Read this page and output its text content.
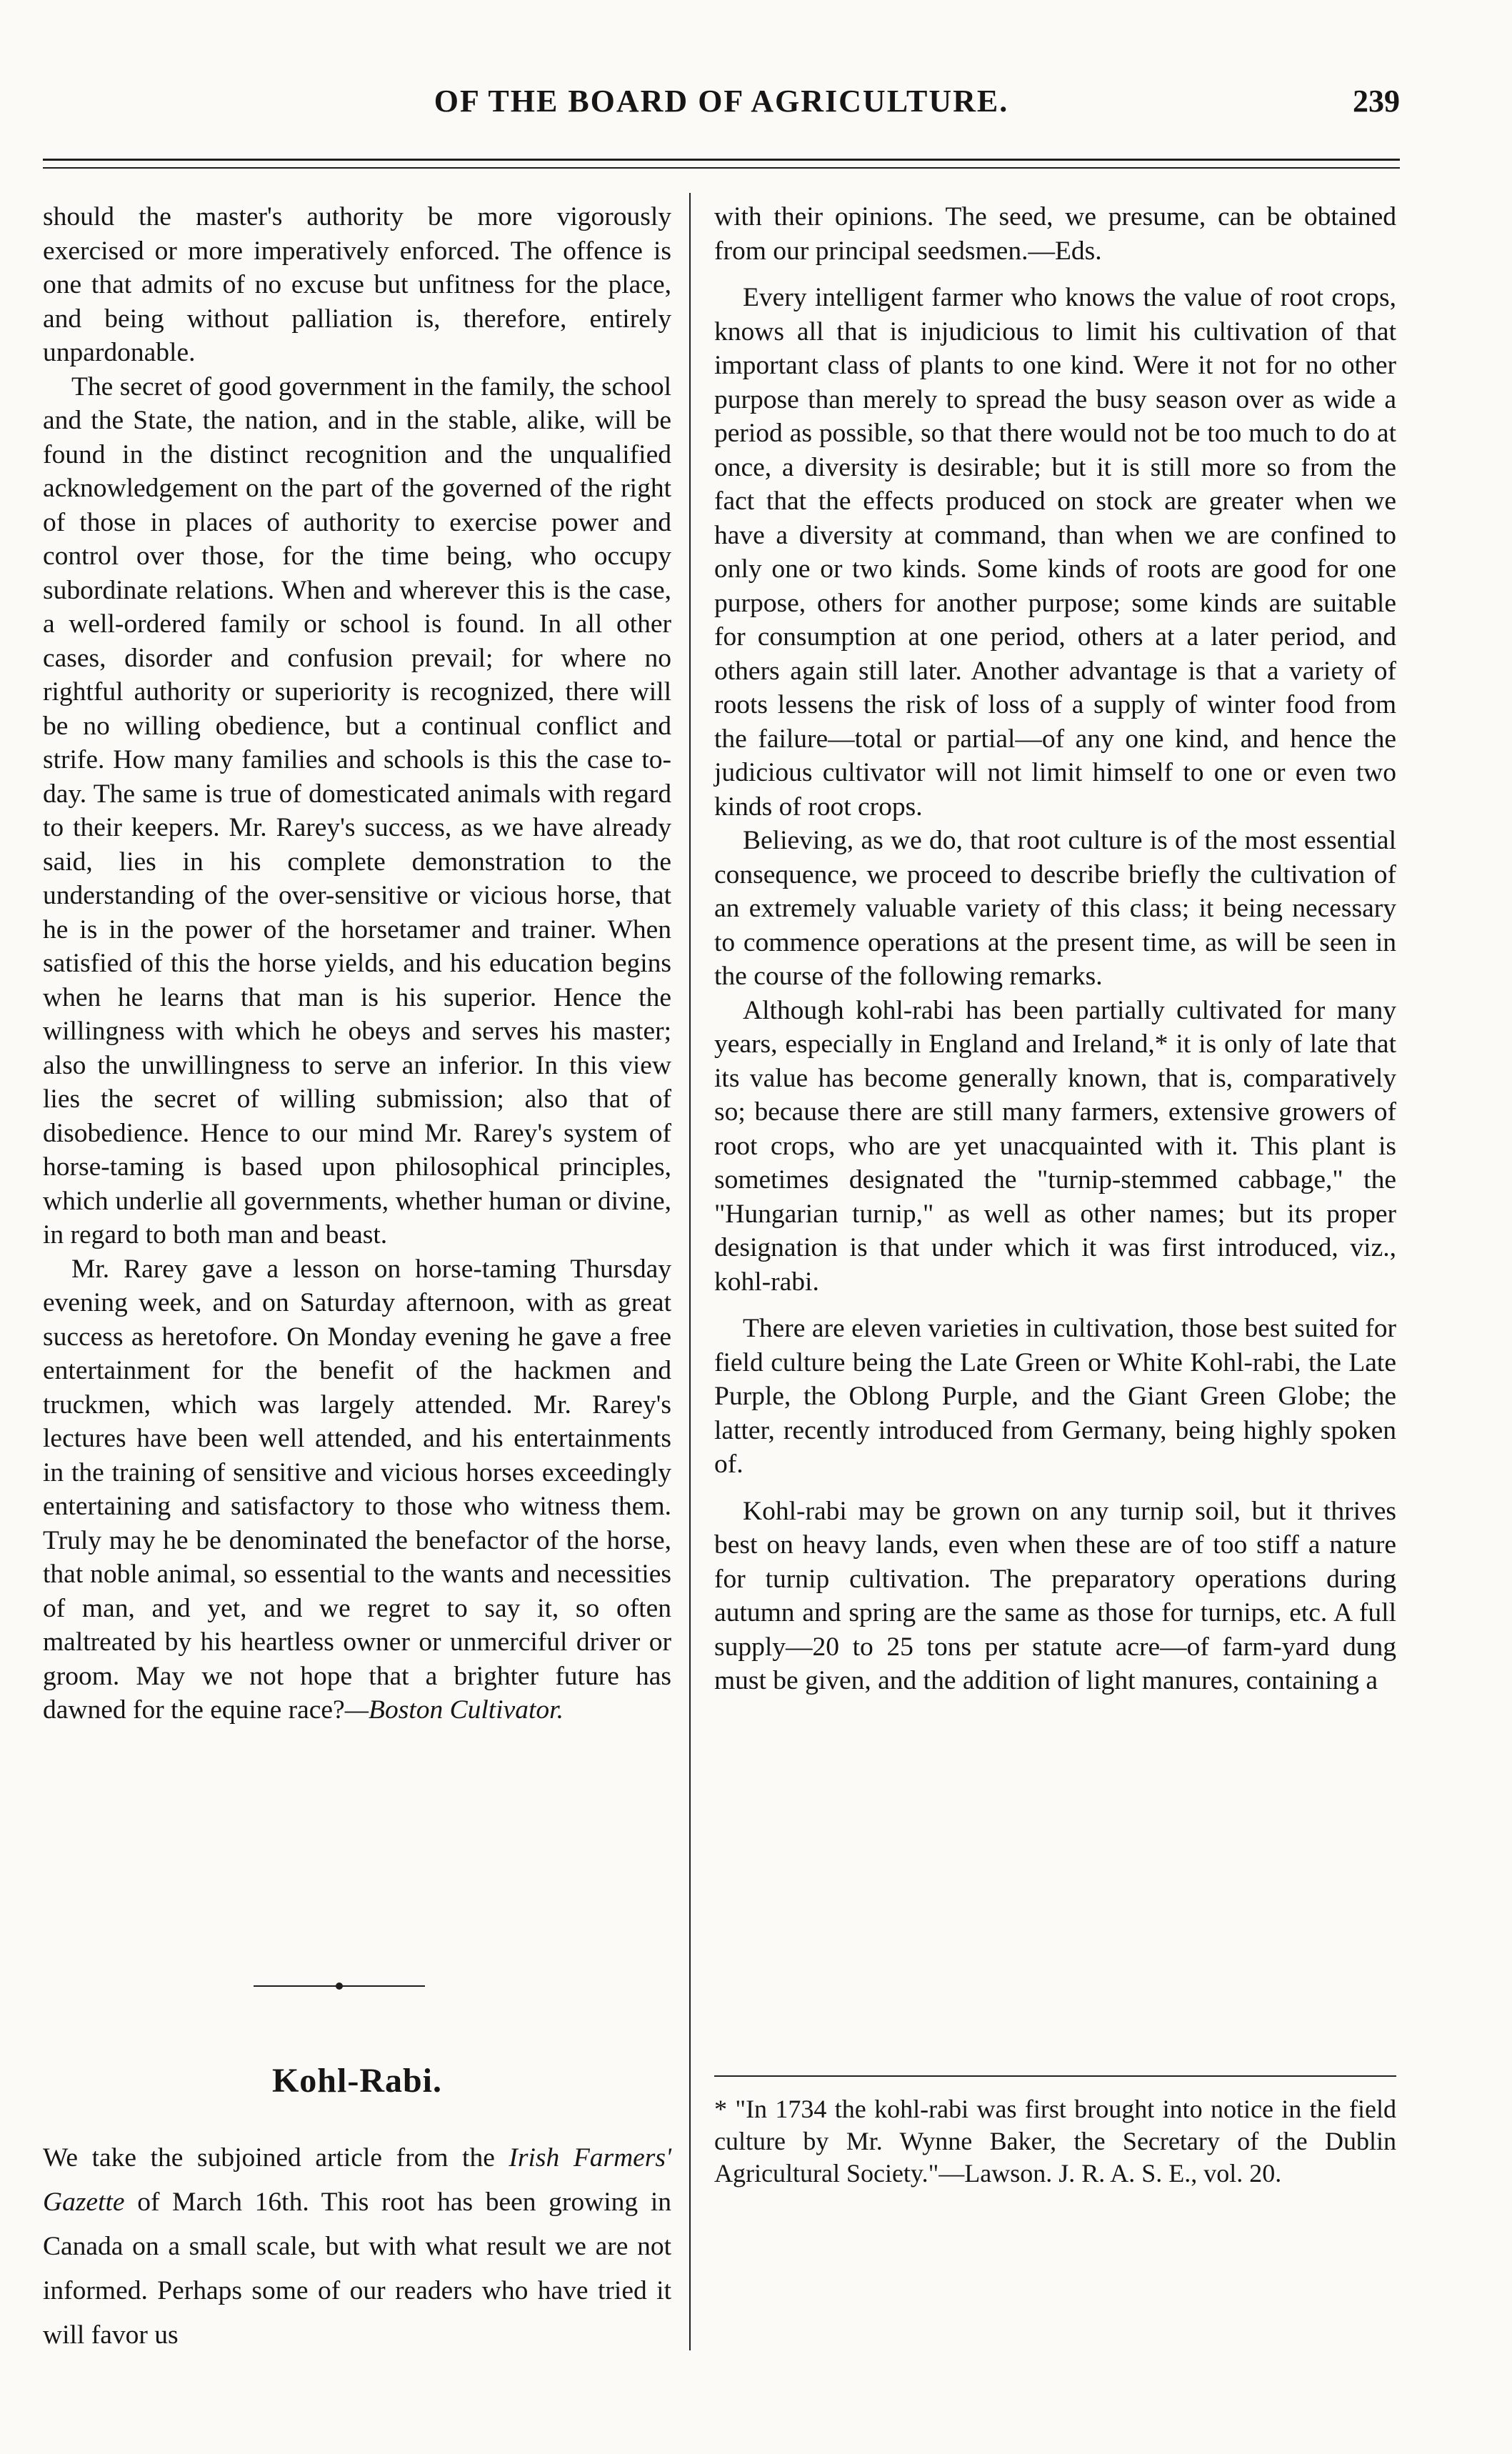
OF THE BOARD OF AGRICULTURE.	239

should the master's authority be more vigorously exercised or more imperatively enforced. The offence is one that admits of no excuse but unfitness for the place, and being without palliation is, therefore, entirely unpardonable.

The secret of good government in the family, the school and the State, the nation, and in the stable, alike, will be found in the distinct recognition and the unqualified acknowledgement on the part of the governed of the right of those in places of authority to exercise power and control over those, for the time being, who occupy subordinate relations. When and wherever this is the case, a well-ordered family or school is found. In all other cases, disorder and confusion prevail; for where no rightful authority or superiority is recognized, there will be no willing obedience, but a continual conflict and strife. How many families and schools is this the case to-day. The same is true of domesticated animals with regard to their keepers. Mr. Rarey's success, as we have already said, lies in his complete demonstration to the understanding of the over-sensitive or vicious horse, that he is in the power of the horsetamer and trainer. When satisfied of this the horse yields, and his education begins when he learns that man is his superior. Hence the willingness with which he obeys and serves his master; also the unwillingness to serve an inferior. In this view lies the secret of willing submission; also that of disobedience. Hence to our mind Mr. Rarey's system of horse-taming is based upon philosophical principles, which underlie all governments, whether human or divine, in regard to both man and beast.

Mr. Rarey gave a lesson on horse-taming Thursday evening week, and on Saturday afternoon, with as great success as heretofore. On Monday evening he gave a free entertainment for the benefit of the hackmen and truckmen, which was largely attended. Mr. Rarey's lectures have been well attended, and his entertainments in the training of sensitive and vicious horses exceedingly entertaining and satisfactory to those who witness them. Truly may he be denominated the benefactor of the horse, that noble animal, so essential to the wants and necessities of man, and yet, and we regret to say it, so often maltreated by his heartless owner or unmerciful driver or groom. May we not hope that a brighter future has dawned for the equine race?—Boston Cultivator.

Kohl-Rabi.
We take the subjoined article from the Irish Farmers' Gazette of March 16th. This root has been growing in Canada on a small scale, but with what result we are not informed. Perhaps some of our readers who have tried it will favor us

with their opinions. The seed, we presume, can be obtained from our principal seedsmen.—Eds.

Every intelligent farmer who knows the value of root crops, knows all that is injudicious to limit his cultivation of that important class of plants to one kind. Were it not for no other purpose than merely to spread the busy season over as wide a period as possible, so that there would not be too much to do at once, a diversity is desirable; but it is still more so from the fact that the effects produced on stock are greater when we have a diversity at command, than when we are confined to only one or two kinds. Some kinds of roots are good for one purpose, others for another purpose; some kinds are suitable for consumption at one period, others at a later period, and others again still later. Another advantage is that a variety of roots lessens the risk of loss of a supply of winter food from the failure—total or partial—of any one kind, and hence the judicious cultivator will not limit himself to one or even two kinds of root crops.

Believing, as we do, that root culture is of the most essential consequence, we proceed to describe briefly the cultivation of an extremely valuable variety of this class; it being necessary to commence operations at the present time, as will be seen in the course of the following remarks.

Although kohl-rabi has been partially cultivated for many years, especially in England and Ireland,* it is only of late that its value has become generally known, that is, comparatively so; because there are still many farmers, extensive growers of root crops, who are yet unacquainted with it. This plant is sometimes designated the "turnip-stemmed cabbage," the "Hungarian turnip," as well as other names; but its proper designation is that under which it was first introduced, viz., kohl-rabi.

There are eleven varieties in cultivation, those best suited for field culture being the Late Green or White Kohl-rabi, the Late Purple, the Oblong Purple, and the Giant Green Globe; the latter, recently introduced from Germany, being highly spoken of.

Kohl-rabi may be grown on any turnip soil, but it thrives best on heavy lands, even when these are of too stiff a nature for turnip cultivation. The preparatory operations during autumn and spring are the same as those for turnips, etc. A full supply—20 to 25 tons per statute acre—of farm-yard dung must be given, and the addition of light manures, containing a

* "In 1734 the kohl-rabi was first brought into notice in the field culture by Mr. Wynne Baker, the Secretary of the Dublin Agricultural Society."—Lawson. J. R. A. S. E., vol. 20.
